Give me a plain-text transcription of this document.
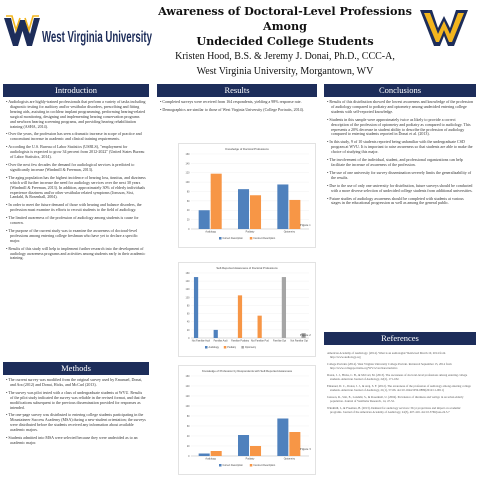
West Virginia University
Awareness of Doctoral-Level Professions Among
Undecided College Students
Kristen Hood, B.S. & Jeremy J. Donai, Ph.D., CCC-A,
West Virginia University, Morgantown, WV
Introduction

• Audiologists are highly-trained professionals that perform a variety of tasks including diagnostic testing for auditory and/or vestibular disorders, prescribing and fitting hearing aids, assisting in cochlear implant programming, performing hearing-related surgical monitoring, designing and implementing hearing conservation programs and newborn hearing screening programs, and providing hearing rehabilitation training (ASHA, 2014).

• Over the years, the profession has seen a dramatic increase in scope of practice and concomitant increase in academic and clinical training requirements.

• According the U.S. Bureau of Labor Statistics (USBLS), "employment for audiologists is expected to grow 34 percent from 2012-2022" (United States Bureau of Labor Statistics, 2014).

• Over the next few decades the demand for audiological services is predicted to significantly increase (Windmill & Freeman, 2013).

• The aging population has the highest incidence of hearing loss, tinnitus, and dizziness which will further increase the need for audiology services over the next 30 years (Windmill & Freeman, 2013). In addition, approximately 30% of elderly individuals experience dizziness and/or other vestibular related symptoms (Jonsson, Sixt, Landahl, & Rosenhall, 2004).

• In order to meet the future demand of those with hearing and balance disorders, the profession must examine its efforts to recruit students to the field of audiology.

• The limited awareness of the profession of audiology among students is cause for concern.

• The purpose of the current study was to examine the awareness of doctoral-level professions among entering college freshman who have yet to declare a specific major.

• Results of this study will help to implement further research into the development of audiology awareness programs and activities among students early in their academic training.

Methods

• The current survey was modified from the original survey used by Emanuel, Donai, and Ara (2012) and Donai, Hicks, and McCarl (2013).

• The survey was pilot tested with a class of undergraduate students at WVU. Results of the pilot study indicated the survey was reliable in the revised format, and that the modifications subsequent to the previous dissemination provided for responses as intended.

• The one-page survey was distributed to entering college students participating in the Mountaineer Success Academy (MSA) during a new-student orientation; the surveys were distributed before the students received any information about available academic majors.

• Students admitted into MSA were selected because they were undecided as to an academic major.

Results

• Completed surveys were received from 164 respondents, yielding a 98% response rate.

• Demographics are similar to those of West Virginia University (College Portraits, 2014).

Knowledge of Doctoral Professions
0
20
40
60
80
100
120
140
160
Audiology	Podiatry	Optometry
Correct Description	Incorrect Description
Figure 1
Self-Reported Awareness of Doctoral Professions
0
20
40
60
80
100
120
140
160
Not Familiar Audi Familiar Audi Familiar Podiatry Not Familiar Pod Familiar Opt Not Familiar Opt
Audiology	Podiatry	Optometry
Figure 2
Knowledge of Profession by Respondents with Self-Reported Awareness
0
20
40
60
80
100
120
140
160
Audiology	Podiatry	Optometry
Correct Description	Incorrect Description
Figure 3
Conclusions

• Results of this distribution showed the lowest awareness and knowledge of the profession of audiology compared to podiatry and optometry among undecided entering college students with self-reported knowledge.

• Students in this sample were approximately twice as likely to provide a correct description of the profession of optometry and podiatry as compared to audiology. This represents a 20% decrease in student ability to describe the profession of audiology compared to entering students reported in Donai et al. (2013).

• In this study, 9 of 10 students reported being unfamiliar with the undergraduate CSD program at WVU. It is important to raise awareness so that students are able to make the choice of studying this major.

• The involvement of the individual, student, and professional organizations can help facilitate the increase of awareness of the profession.

• The use of one university for survey dissemination severely limits the generalizability of the results.

• Due to the use of only one university for distribution, future surveys should be conducted with a more diverse selection of undecided college students from additional universities.

• Future studies of audiology awareness should be completed with students at various stages in the educational progression as well as among the general public.

References

American Academy of Audiology. (2014). What is an audiologist? Retrieved March 10, 2014 from http://www.audiology.org

College Portraits (2014). West Virginia University College Portrait. Retrieved September 15, 2014 from http://www.collegeportraits.org/WV/wvu/characteristics

Donai, J. J., Hicks, C. B., & McCarl, M. (2013). The awareness of doctoral-level professions among entering college students. American Journal of Audiology, 22(2), 171-182.

Emanuel, D. C., Donai, J. J., & Araj, S. F. (2012). The awareness of the profession of audiology among entering college students. American Journal of Audiology, 21(1), 57-66. doi:10.1044/1059-0889(2012/11-0011)

Jonsson, R., Sixt, E., Landahl, S., & Rosenhall, U. (2004). Prevalence of dizziness and vertigo in an urban elderly population. Journal of Vestibular Research, 14, 47-52.

Windmill, I., & Freeman, B. (2013). Demand for audiology services: 30-yr projections and impact on academic programs. Journal of the American Academy of Audiology, 24(5), 407-416. doi:10.3766/jaaa.24.5.7
